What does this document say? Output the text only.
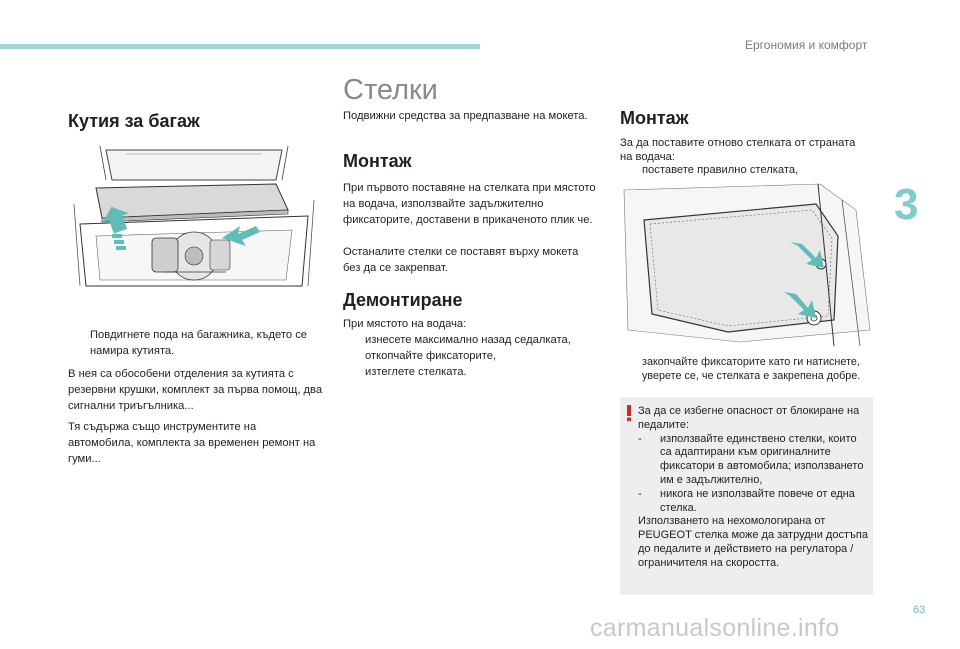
Ергономия и комфорт
3
Кутия за багаж
Повдигнете пода на багажника, където се намира кутията.
В нея са обособени отделения за кутията с резервни крушки, комплект за първа помощ, два сигнални триъгълника...
Тя съдържа също инструментите на автомобила, комплекта за временен ремонт на гуми...
Стелки
Подвижни средства за предпазване на мокета.
Монтаж
При първото поставяне на стелката при мястото на водача, използвайте задължително фиксаторите, доставени в прикаченото плик че.
Останалите стелки се поставят върху мокета без да се закрепват.
Демонтиране

При мястото на водача:

изнесете максимално назад седалката,
откопчайте фиксаторите,
изтеглете стелката.
Монтаж

За да поставите отново стелката от страната на водача:

поставете правилно стелката,
закопчайте фиксаторите като ги натиснете,
уверете се, че стелката е закрепена добре.

За да се избегне опасност от блокиране на педалите:

-	използвайте единствено стелки, които са адаптирани към оригиналните фиксатори в автомобила; използването им е задължително,
-	никога не използвайте повече от една стелка.

Използването на нехомологирана от PEUGEOT стелка може да затрудни достъпа до педалите и действието на регулатора / ограничителя на скоростта.

63
carmanualsonline.info
